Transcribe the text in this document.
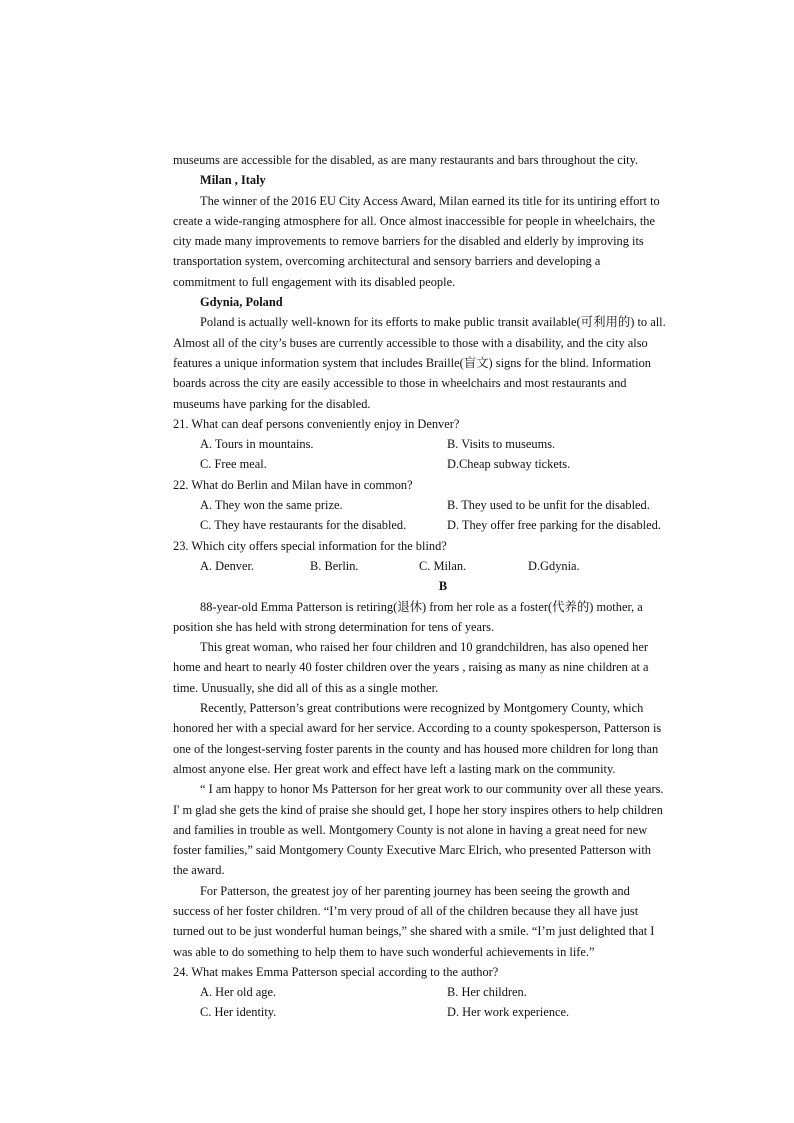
museums are accessible for the disabled, as are many restaurants and bars throughout the city.
Milan , Italy
The winner of the 2016 EU City Access Award, Milan earned its title for its untiring effort to
create a wide-ranging atmosphere for all. Once almost inaccessible for people in wheelchairs, the
city made many improvements to remove barriers for the disabled and elderly by improving its
transportation system, overcoming architectural and sensory barriers and developing a
commitment to full engagement with its disabled people.
Gdynia, Poland
Poland is actually well-known for its efforts to make public transit available(可利用的) to all.
Almost all of the city’s buses are currently accessible to those with a disability, and the city also
features a unique information system that includes Braille(盲文) signs for the blind. Information
boards across the city are easily accessible to those in wheelchairs and most restaurants and
museums have parking for the disabled.
21. What can deaf persons conveniently enjoy in Denver?
A. Tours in mountains.	B. Visits to museums.
C. Free meal.	D.Cheap subway tickets.
22. What do Berlin and Milan have in common?
A. They won the same prize.	B. They used to be unfit for the disabled.
C. They have restaurants for the disabled.	D. They offer free parking for the disabled.
23. Which city offers special information for the blind?
A. Denver.	B. Berlin.	C. Milan.	D.Gdynia.
B
88-year-old Emma Patterson is retiring(退休) from her role as a foster(代养的) mother, a
position she has held with strong determination for tens of years.
This great woman, who raised her four children and 10 grandchildren, has also opened her
home and heart to nearly 40 foster children over the years , raising as many as nine children at a
time. Unusually, she did all of this as a single mother.
Recently, Patterson’s great contributions were recognized by Montgomery County, which
honored her with a special award for her service. According to a county spokesperson, Patterson is
one of the longest-serving foster parents in the county and has housed more children for long than
almost anyone else. Her great work and effect have left a lasting mark on the community.
“ I am happy to honor Ms Patterson for her great work to our community over all these years.
I' m glad she gets the kind of praise she should get, I hope her story inspires others to help children
and families in trouble as well. Montgomery County is not alone in having a great need for new
foster families,” said Montgomery County Executive Marc Elrich, who presented Patterson with
the award.
For Patterson, the greatest joy of her parenting journey has been seeing the growth and
success of her foster children. “I’m very proud of all of the children because they all have just
turned out to be just wonderful human beings,” she shared with a smile. “I’m just delighted that I
was able to do something to help them to have such wonderful achievements in life.”
24. What makes Emma Patterson special according to the author?
A. Her old age.	B. Her children.
C. Her identity.	D. Her work experience.
